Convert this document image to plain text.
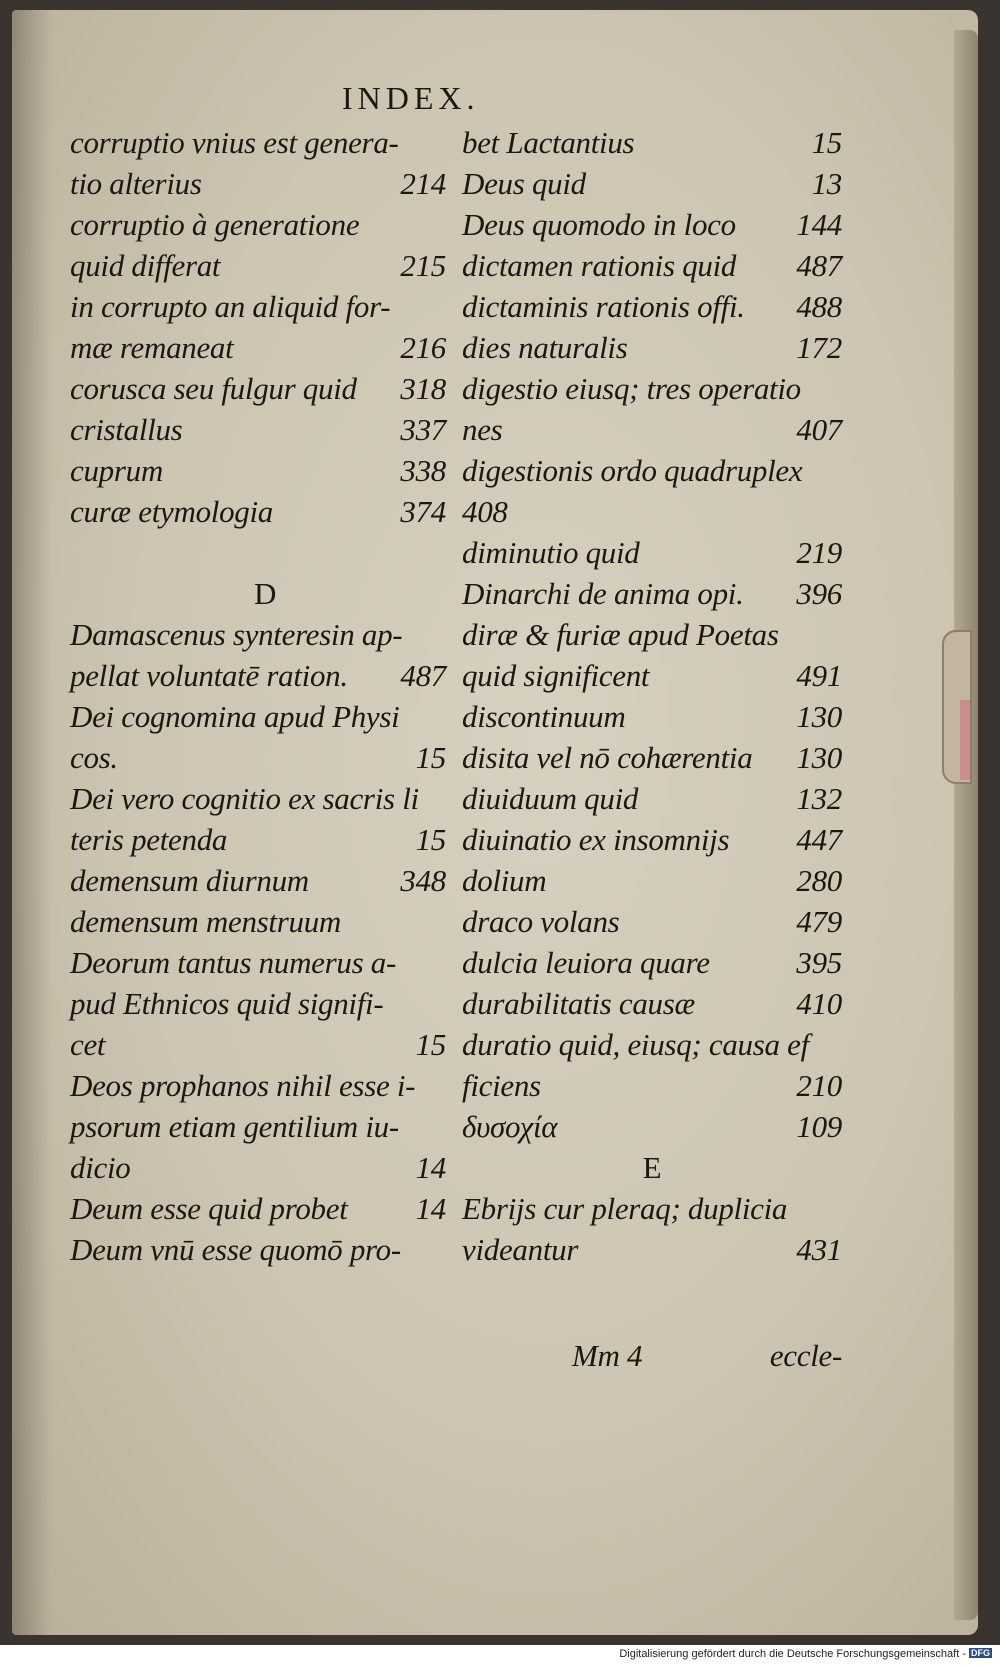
INDEX.
corruptio vnius est genera-
tio alterius	214
corruptio à generatione
quid differat	215
in corrupto an aliquid for-
mæ remaneat	216
corusca seu fulgur quid 318
cristallus	337
cuprum	338
curæ etymologia	374
D
Damascenus synteresin ap-
pellat voluntatē ration. 487
Dei cognomina apud Physi
cos.	15
Dei vero cognitio ex sacris li
teris petenda	15
demensum diurnum	348
demensum menstruum
Deorum tantus numerus a-
pud Ethnicos quid signifi-
cet	15
Deos prophanos nihil esse i-
psorum etiam gentilium iu-
dicio	14
Deum esse quid probet 14
Deum vnū esse quomō pro-
bet Lactantius	15
Deus quid	13
Deus quomodo in loco 144
dictamen rationis quid 487
dictaminis rationis offi. 488
dies naturalis	172
digestio eiusq; tres operatio
nes	407
digestionis ordo quadruplex
408
diminutio quid	219
Dinarchi de anima opi. 396
diræ & furiæ apud Poetas
quid significent	491
discontinuum	130
disita vel nō cohærentia 130
diuiduum quid	132
diuinatio ex insomnijs 447
dolium	280
draco volans	479
dulcia leuiora quare	395
durabilitatis causæ	410
duratio quid, eiusq; causa ef
ficiens	210
δυσοχία	109
E
Ebrijs cur pleraq; duplicia
videantur	431
Mm 4	eccle-
Digitalisierung gefördert durch die Deutsche Forschungsgemeinschaft - DFG
